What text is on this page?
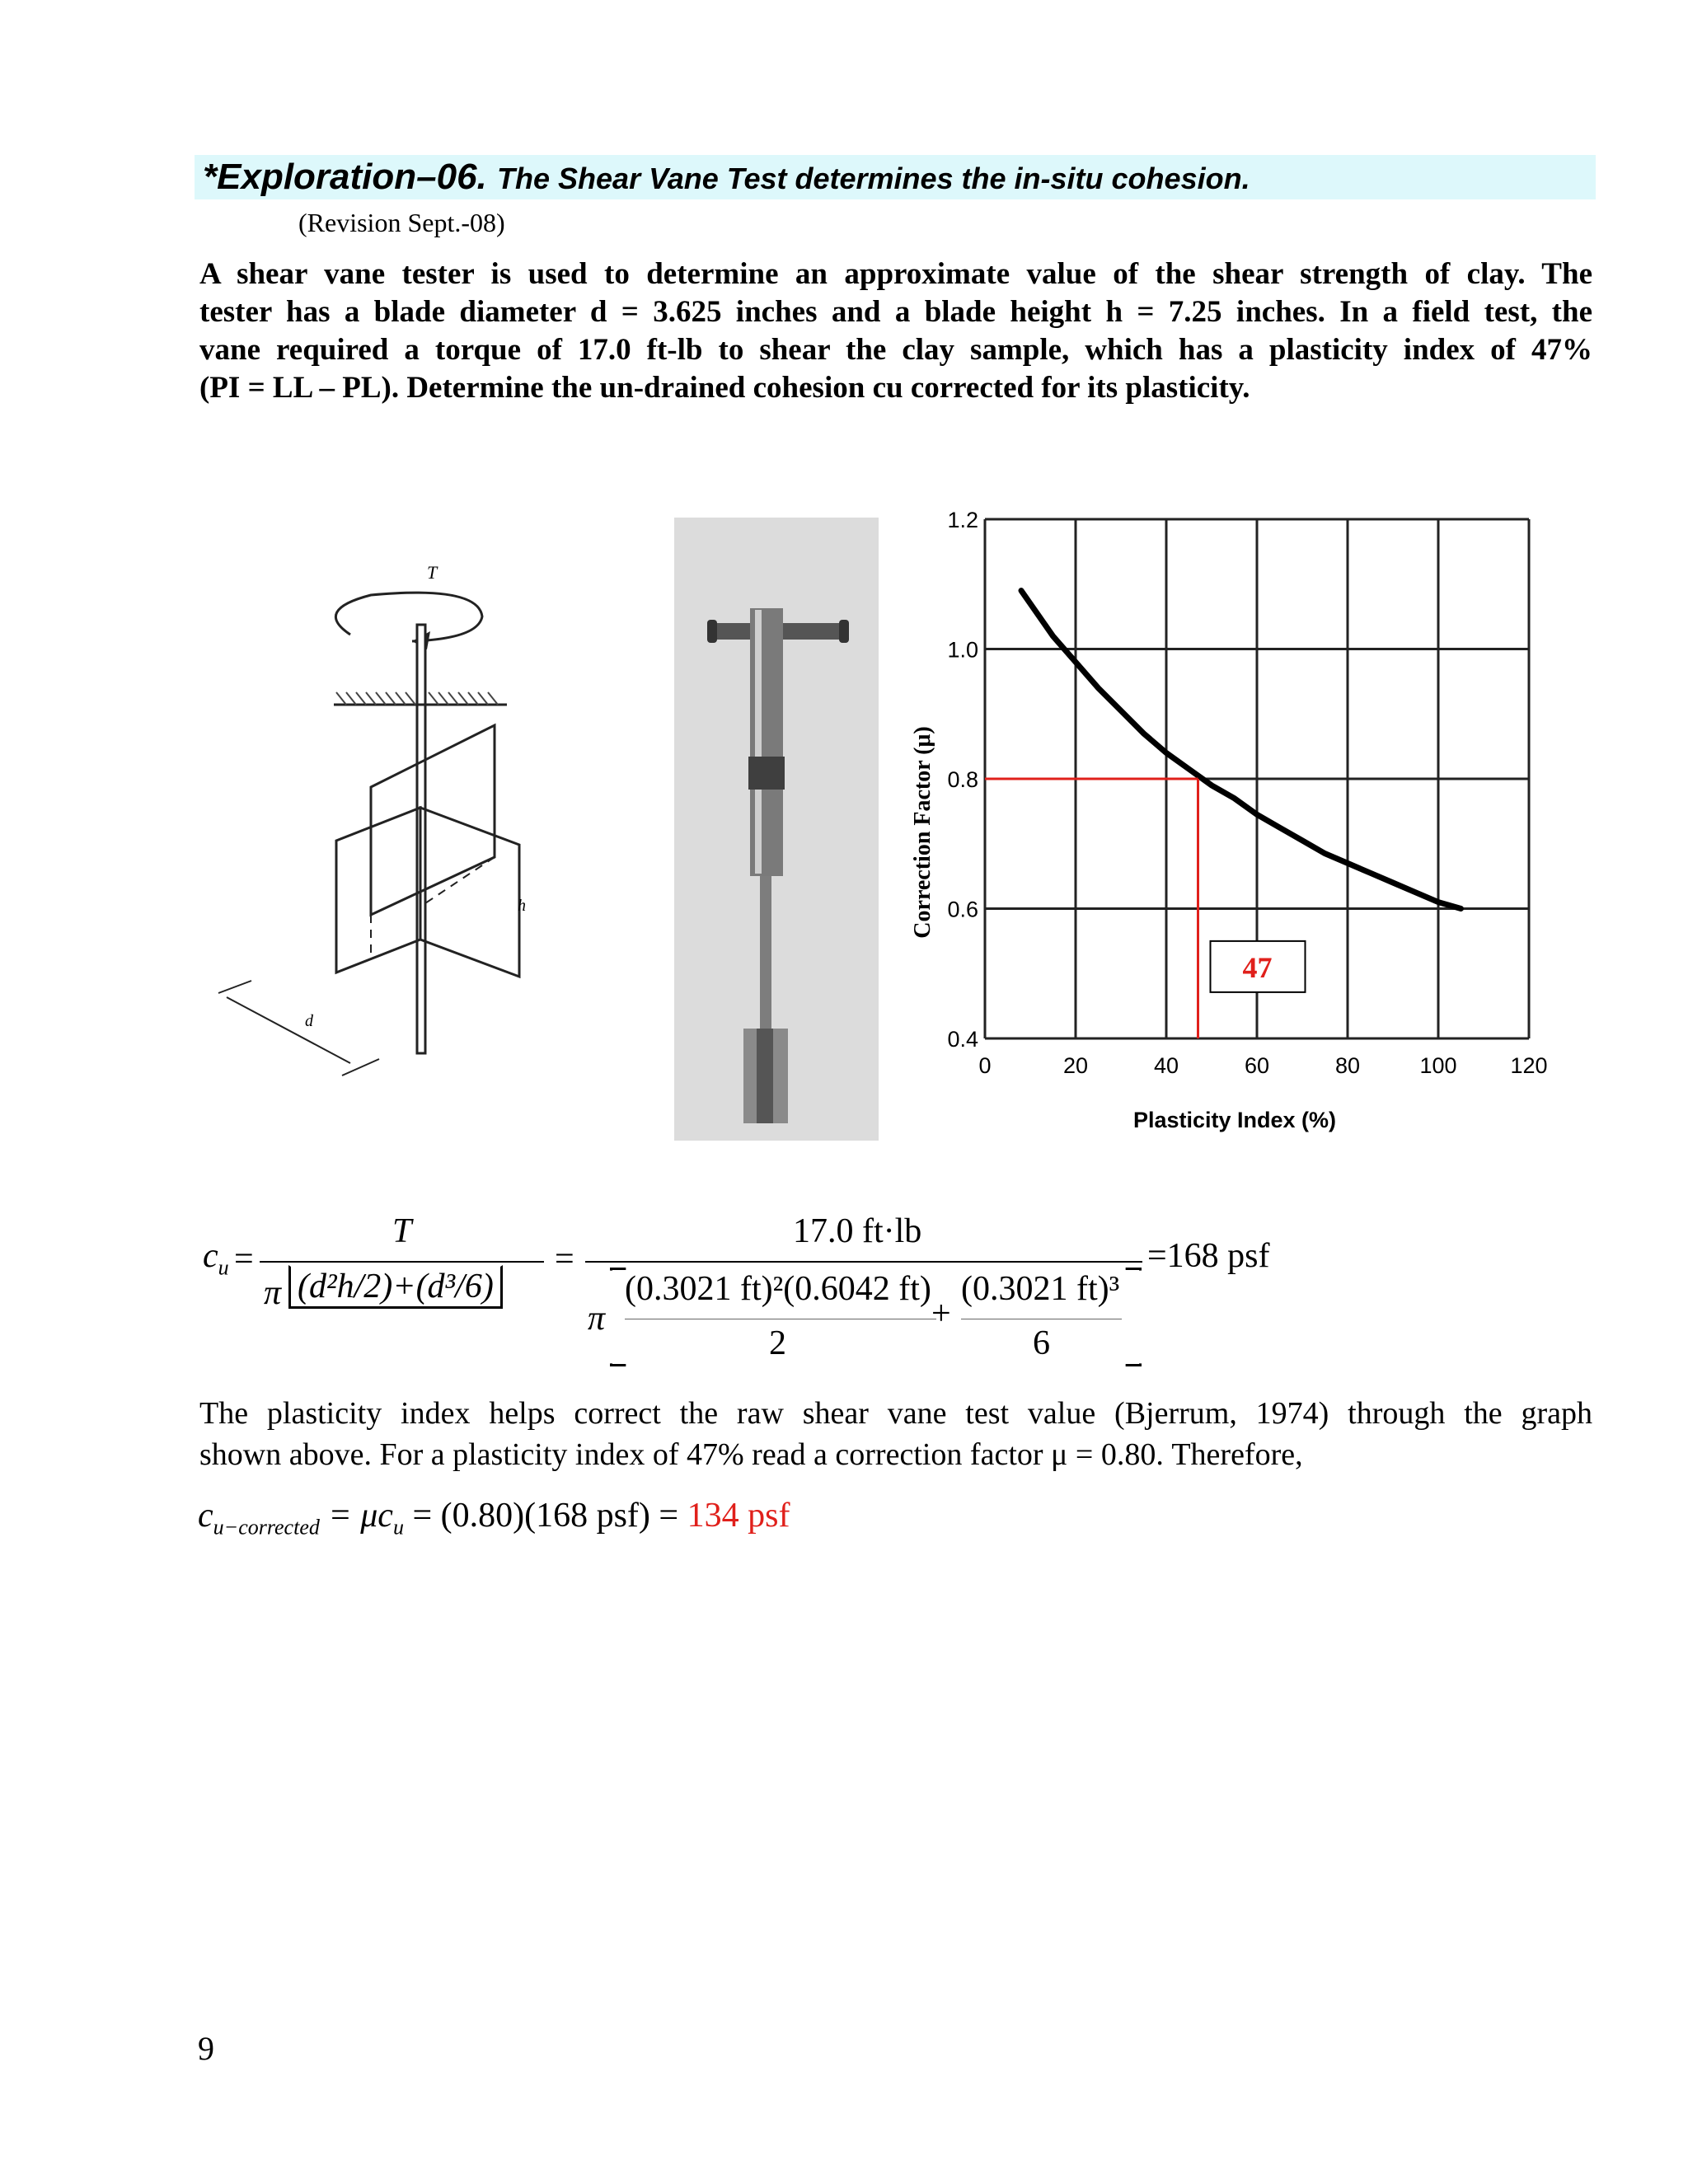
*Exploration–06. The Shear Vane Test determines the in-situ cohesion.
(Revision Sept.-08)
A shear vane tester is used to determine an approximate value of the shear strength of clay. The
tester has a blade diameter d = 3.625 inches and a blade height h = 7.25 inches. In a field test, the
vane required a torque of 17.0 ft-lb to shear the clay sample, which has a plasticity index of 47%
(PI = LL – PL). Determine the un-drained cohesion cu corrected for its plasticity.
T
h
d
Correction Factor (μ)
Plasticity Index (%)
0	20	40	60	80	100 120
0.4
0.6
0.8
1.0
1.2
47
$c_u$ =
T
π (d²h/2)+(d³/6)
=
17.0 ft·lb
π
(0.3021 ft)²(0.6042 ft)
2
+
(0.3021 ft)³
6
=168 psf
The plasticity index helps correct the raw shear vane test value (Bjerrum, 1974) through the graph
shown above. For a plasticity index of 47% read a correction factor μ = 0.80. Therefore,
$c_{u-corrected} = \mu c_u = (0.80)(168$ psf) = 134 psf
9
